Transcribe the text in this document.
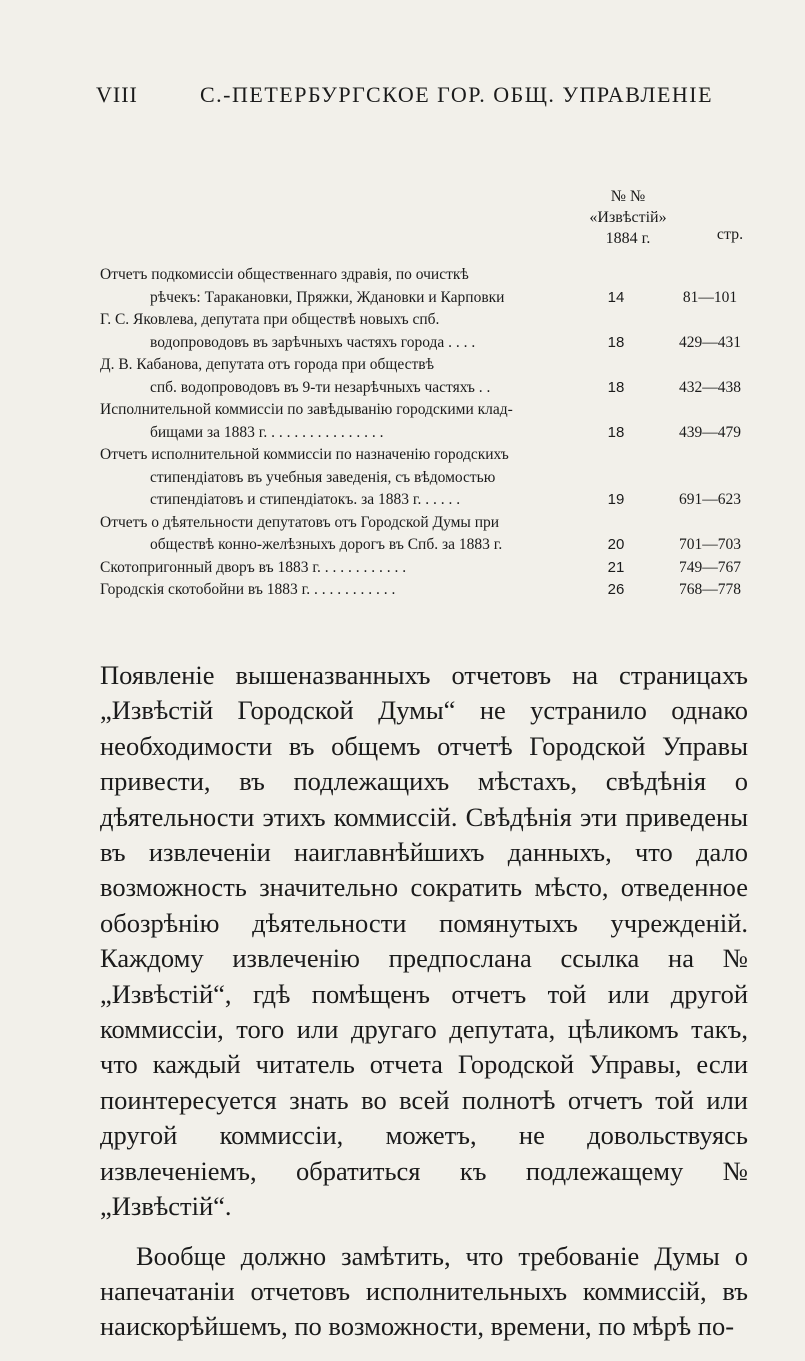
VIII	С.-ПЕТЕРБУРГСКОЕ ГОР. ОБЩ. УПРАВЛЕНІЕ
№ №
«Извѣстій»
1884 г.	стр.
Отчетъ подкомиссіи общественнаго здравія, по очисткѣ
рѣчекъ: Таракановки, Пряжки, Ждановки и Карповки	14	81—101
Г. С. Яковлева, депутата при обществѣ новыхъ спб.
водопроводовъ въ зарѣчныхъ частяхъ города . . . .	18	429—431
Д. В. Кабанова, депутата отъ города при обществѣ
спб. водопроводовъ въ 9-ти незарѣчныхъ частяхъ . .	18	432—438
Исполнительной коммиссіи по завѣдыванію городскими клад-
бищами за 1883 г. . . . . . . . . . . . . . . .	18	439—479
Отчетъ исполнительной коммиссіи по назначенію городскихъ
стипендіатовъ въ учебныя заведенія, съ вѣдомостью
стипендіатовъ и стипендіатокъ. за 1883 г. . . . . .	19	691—623
Отчетъ о дѣятельности депутатовъ отъ Городской Думы при
обществѣ конно-желѣзныхъ дорогъ въ Спб. за 1883 г.	20	701—703
Скотопригонный дворъ въ 1883 г. . . . . . . . . . . .	21	749—767
Городскія скотобойни въ 1883 г. . . . . . . . . . . .	26	768—778

Появленіе вышеназванныхъ отчетовъ на страницахъ „Извѣстій Городской Думы“ не устранило однако необходимости въ общемъ отчетѣ Городской Управы привести, въ подлежащихъ мѣстахъ, свѣдѣнія о дѣятельности этихъ коммиссій. Свѣдѣнія эти приведены въ извлеченіи наиглавнѣйшихъ данныхъ, что дало возможность значительно сократить мѣсто, отведенное обозрѣнію дѣятельности помянутыхъ учрежденій. Каждому извлеченію предпослана ссылка на № „Извѣстій“, гдѣ помѣщенъ отчетъ той или другой коммиссіи, того или другаго депутата, цѣликомъ такъ, что каждый читатель отчета Городской Управы, если поинтересуется знать во всей полнотѣ отчетъ той или другой коммиссіи, можетъ, не довольствуясь извлеченіемъ, обратиться къ подлежащему № „Извѣстій“.

Вообще должно замѣтить, что требованіе Думы о напечатаніи отчетовъ исполнительныхъ коммиссій, въ наискорѣйшемъ, по возможности, времени, по мѣрѣ по-
